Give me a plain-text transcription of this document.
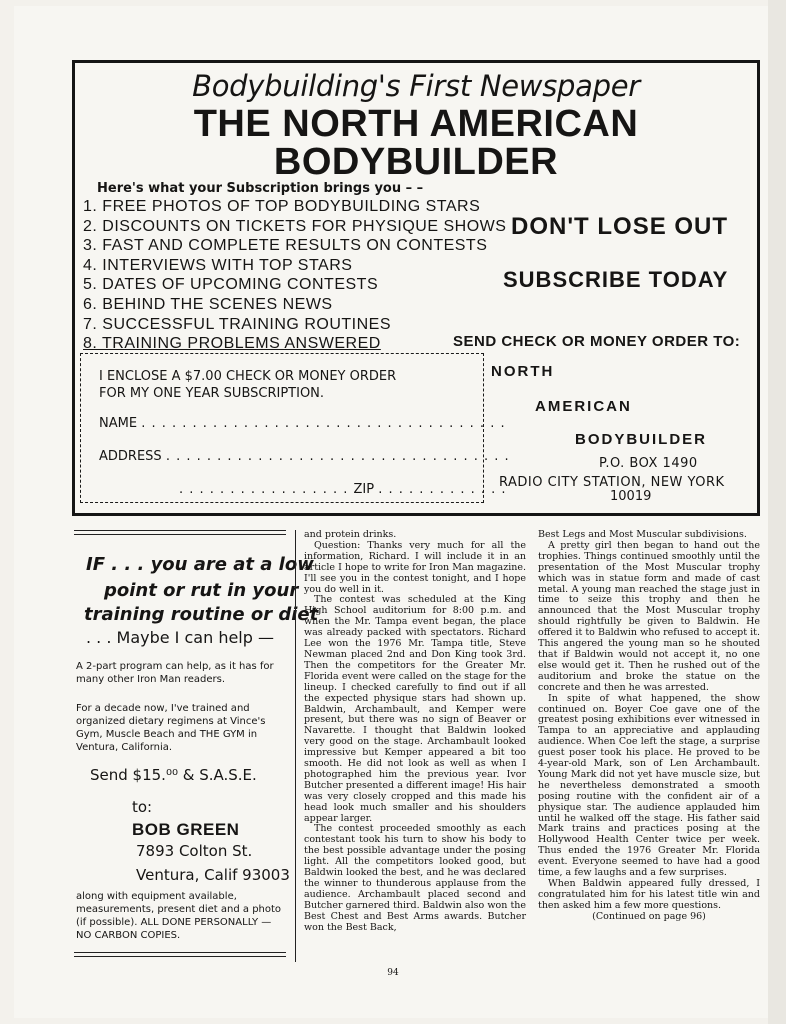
Bodybuilding's First Newspaper
THE NORTH AMERICAN
BODYBUILDER
Here's what your Subscription brings you – –
1. FREE PHOTOS OF TOP BODYBUILDING STARS
2. DISCOUNTS ON TICKETS FOR PHYSIQUE SHOWS
3. FAST AND COMPLETE RESULTS ON CONTESTS
4. INTERVIEWS WITH TOP STARS
5. DATES OF UPCOMING CONTESTS
6. BEHIND THE SCENES NEWS
7. SUCCESSFUL TRAINING ROUTINES
8. TRAINING PROBLEMS ANSWERED
DON'T LOSE OUT
SUBSCRIBE TODAY
SEND CHECK OR MONEY ORDER TO:
I ENCLOSE A $7.00 CHECK OR MONEY ORDER
FOR MY ONE YEAR SUBSCRIPTION.
NAME . . . . . . . . . . . . . . . . . . . . . . . . . . . . . . . . . . . .
ADDRESS . . . . . . . . . . . . . . . . . . . . . . . . . . . . . . . . . .
. . . . . . . . . . . . . . . . . ZIP . . . . . . . . . . . . .
NORTH
AMERICAN
BODYBUILDER
P.O. BOX 1490
RADIO CITY STATION, NEW YORK
10019
IF . . . you are at a low
point or rut in your
training routine or diet
. . . Maybe I can help —
A 2-part program can help, as it has for many other Iron Man readers.
For a decade now, I've trained and organized dietary regimens at Vince's Gym, Muscle Beach and THE GYM in Ventura, California.
Send $15.⁰⁰ & S.A.S.E.
to:
BOB GREEN
7893 Colton St.
Ventura, Calif 93003
along with equipment available, measurements, present diet and a photo (if possible). ALL DONE PERSONALLY — NO CARBON COPIES.

and protein drinks.

Question: Thanks very much for all the information, Richard. I will include it in an article I hope to write for Iron Man magazine. I'll see you in the contest tonight, and I hope you do well in it.

The contest was scheduled at the King High School auditorium for 8:00 p.m. and when the Mr. Tampa event began, the place was already packed with spectators. Richard Lee won the 1976 Mr. Tampa title, Steve Newman placed 2nd and Don King took 3rd. Then the competitors for the Greater Mr. Florida event were called on the stage for the lineup. I checked carefully to find out if all the expected physique stars had shown up. Baldwin, Archambault, and Kemper were present, but there was no sign of Beaver or Navarette. I thought that Baldwin looked very good on the stage. Archambault looked impressive but Kemper appeared a bit too smooth. He did not look as well as when I photographed him the previous year. Ivor Butcher presented a different image! His hair was very closely cropped and this made his head look much smaller and his shoulders appear larger.

The contest proceeded smoothly as each contestant took his turn to show his body to the best possible advantage under the posing light. All the competitors looked good, but Baldwin looked the best, and he was declared the winner to thunderous applause from the audience. Archambault placed second and Butcher garnered third. Baldwin also won the Best Chest and Best Arms awards. Butcher won the Best Back,

Best Legs and Most Muscular subdivisions.

A pretty girl then began to hand out the trophies. Things continued smoothly until the presentation of the Most Muscular trophy which was in statue form and made of cast metal. A young man reached the stage just in time to seize this trophy and then he announced that the Most Muscular trophy should rightfully be given to Baldwin. He offered it to Baldwin who refused to accept it. This angered the young man so he shouted that if Baldwin would not accept it, no one else would get it. Then he rushed out of the auditorium and broke the statue on the concrete and then he was arrested.

In spite of what happened, the show continued on. Boyer Coe gave one of the greatest posing exhibitions ever witnessed in Tampa to an appreciative and applauding audience. When Coe left the stage, a surprise guest poser took his place. He proved to be 4-year-old Mark, son of Len Archambault. Young Mark did not yet have muscle size, but he nevertheless demonstrated a smooth posing routine with the confident air of a physique star. The audience applauded him until he walked off the stage. His father said Mark trains and practices posing at the Hollywood Health Center twice per week. Thus ended the 1976 Greater Mr. Florida event. Everyone seemed to have had a good time, a few laughs and a few surprises.

When Baldwin appeared fully dressed, I congratulated him for his latest title win and then asked him a few more questions.

(Continued on page 96)

94
